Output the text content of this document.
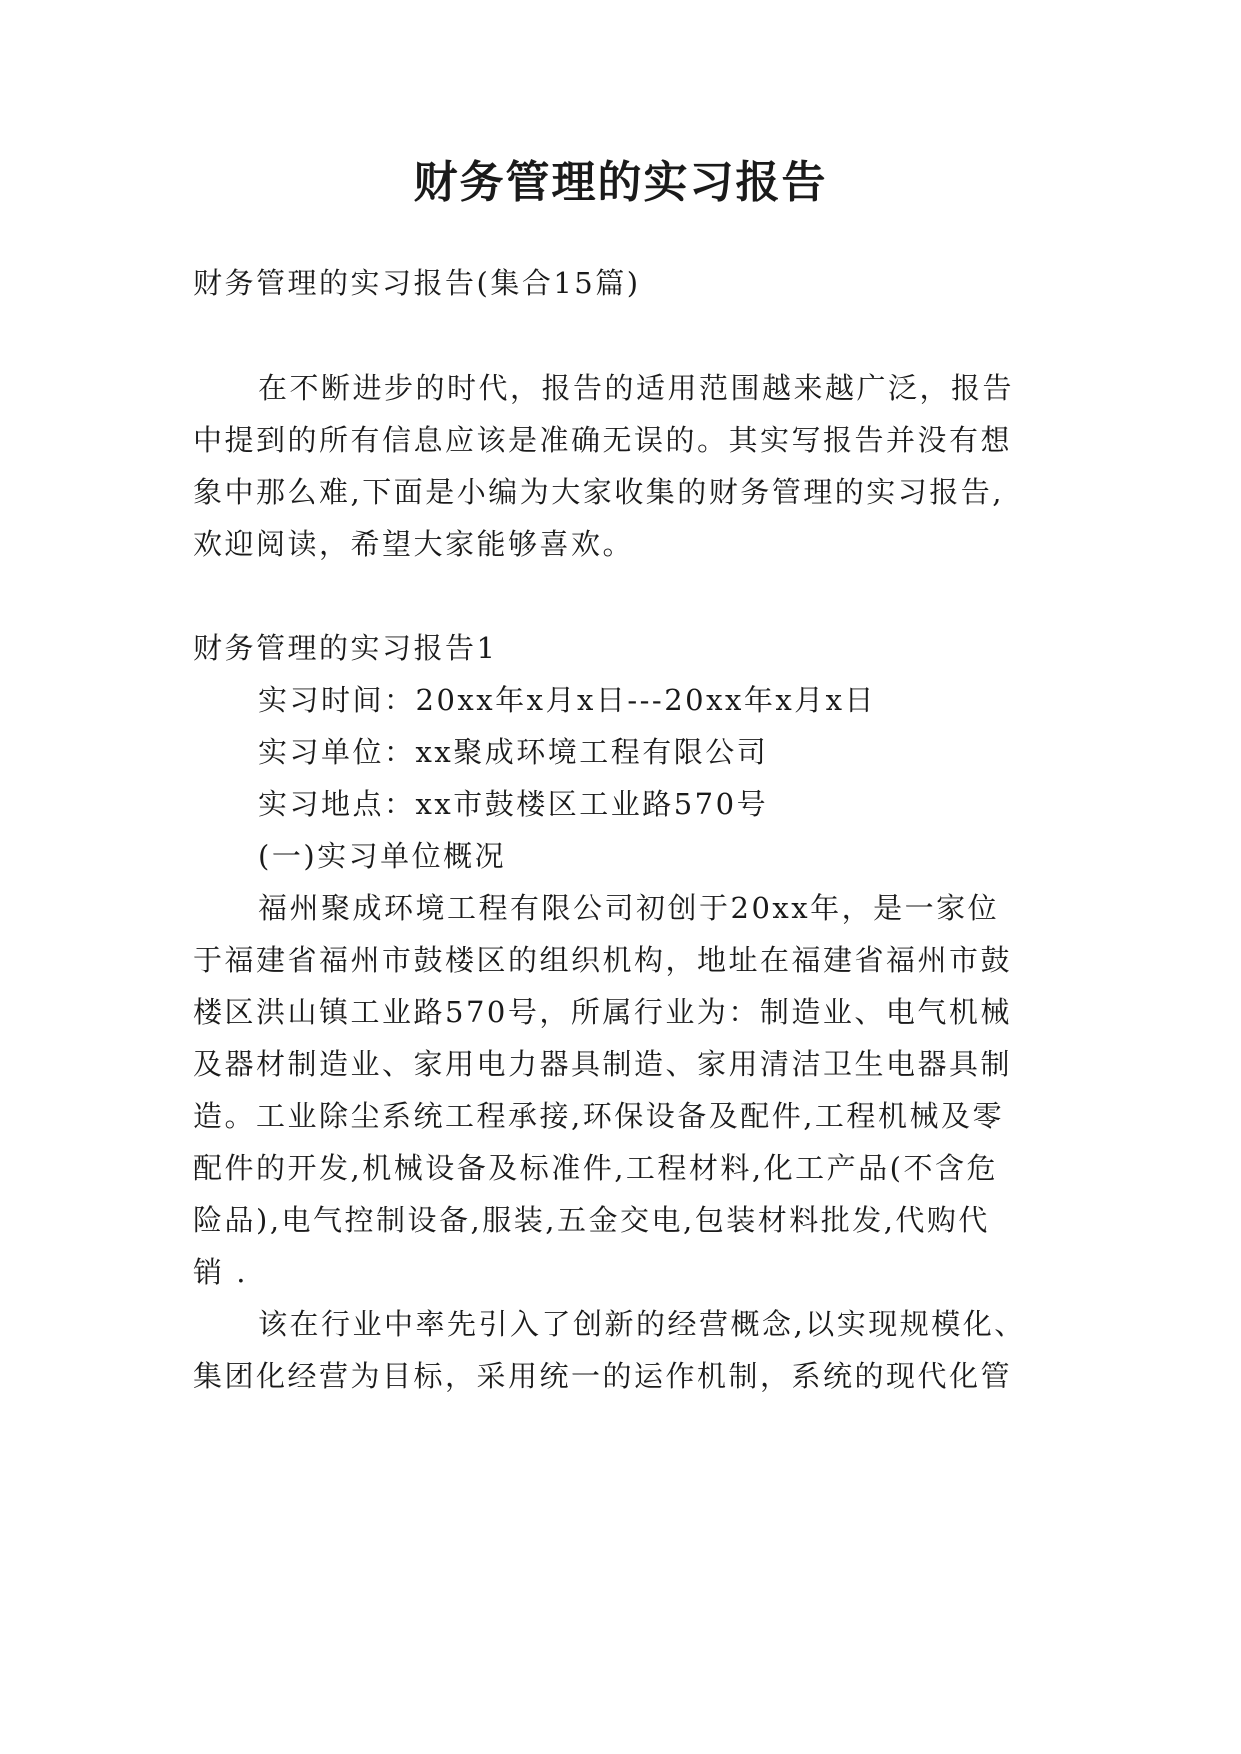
财务管理的实习报告
财务管理的实习报告(集合15篇)
在不断进步的时代，报告的适用范围越来越广泛，报告
中提到的所有信息应该是准确无误的。其实写报告并没有想
象中那么难,下面是小编为大家收集的财务管理的实习报告,
欢迎阅读，希望大家能够喜欢。
财务管理的实习报告1
实习时间：20xx年x月x日---20xx年x月x日
实习单位：xx聚成环境工程有限公司
实习地点：xx市鼓楼区工业路570号
(一)实习单位概况
福州聚成环境工程有限公司初创于20xx年，是一家位
于福建省福州市鼓楼区的组织机构，地址在福建省福州市鼓
楼区洪山镇工业路570号，所属行业为：制造业、电气机械
及器材制造业、家用电力器具制造、家用清洁卫生电器具制
造。工业除尘系统工程承接,环保设备及配件,工程机械及零
配件的开发,机械设备及标准件,工程材料,化工产品(不含危
险品),电气控制设备,服装,五金交电,包装材料批发,代购代
销 .
该在行业中率先引入了创新的经营概念,以实现规模化、
集团化经营为目标，采用统一的运作机制，系统的现代化管
